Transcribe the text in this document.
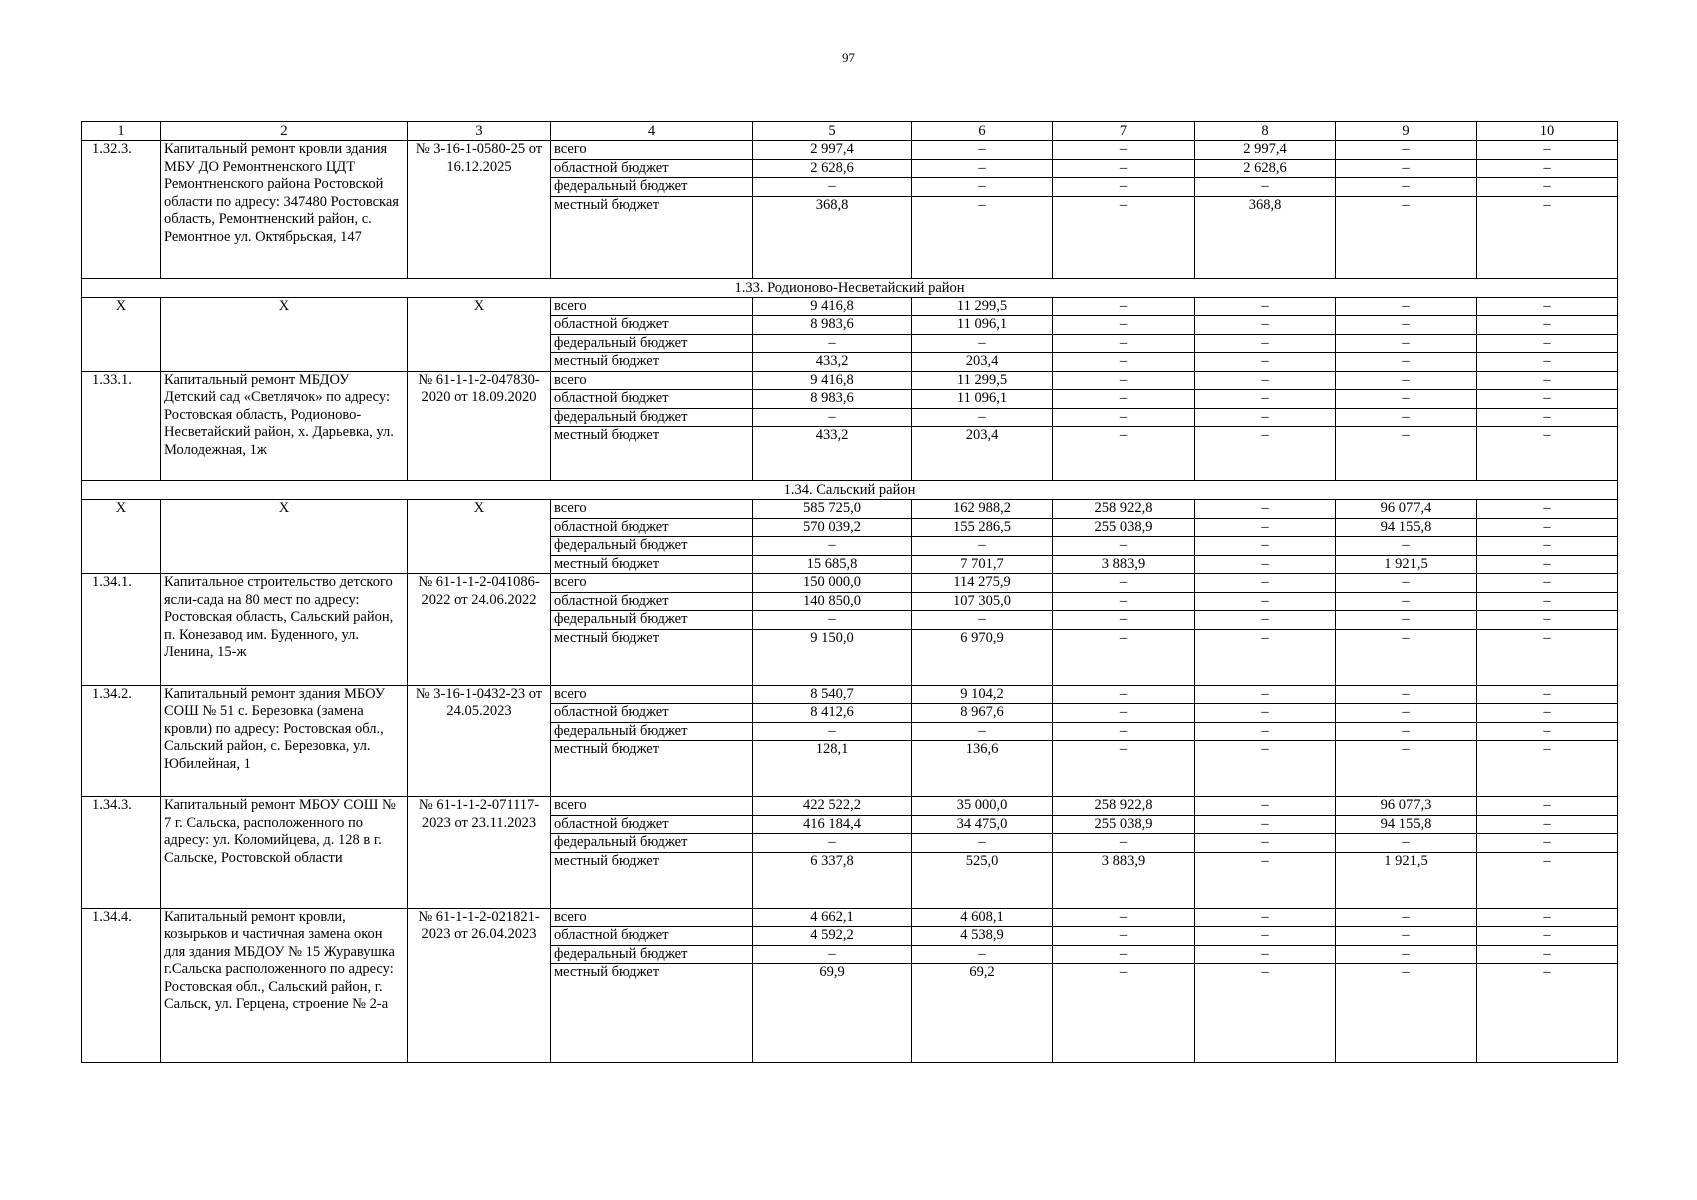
97
1	2	3	4	5	6	7	8	9	10
1.32.3.	Капитальный ремонт кровли здания МБУ ДО Ремонтненского ЦДТ Ремонтненского района Ростовской области по адресу: 347480 Ростовская область, Ремонтненский район, с. Ремонтное ул. Октябрьская, 147	№ 3-16-1-0580-25 от 16.12.2025	всего	2 997,4	–	–	2 997,4	–	–
			областной бюджет	2 628,6	–	–	2 628,6	–	–
			федеральный бюджет	–	–	–	–	–	–
			местный бюджет	368,8	–	–	368,8	–	–
1.33. Родионово-Несветайский район									
X	X	X	всего	9 416,8	11 299,5	–	–	–	–
			областной бюджет	8 983,6	11 096,1	–	–	–	–
			федеральный бюджет	–	–	–	–	–	–
			местный бюджет	433,2	203,4	–	–	–	–
1.33.1.	Капитальный ремонт МБДОУ Детский сад «Светлячок» по адресу: Ростовская область, Родионово-Несветайский район, х. Дарьевка, ул. Молодежная, 1ж	№ 61-1-1-2-047830-2020 от 18.09.2020	всего	9 416,8	11 299,5	–	–	–	–
			областной бюджет	8 983,6	11 096,1	–	–	–	–
			федеральный бюджет	–	–	–	–	–	–
			местный бюджет	433,2	203,4	–	–	–	–
1.34. Сальский район									
X	X	X	всего	585 725,0	162 988,2	258 922,8	–	96 077,4	–
			областной бюджет	570 039,2	155 286,5	255 038,9	–	94 155,8	–
			федеральный бюджет	–	–	–	–	–	–
			местный бюджет	15 685,8	7 701,7	3 883,9	–	1 921,5	–
1.34.1.	Капитальное строительство детского ясли-сада на 80 мест по адресу: Ростовская область, Сальский район, п. Конезавод им. Буденного, ул. Ленина, 15-ж	№ 61-1-1-2-041086-2022 от 24.06.2022	всего	150 000,0	114 275,9	–	–	–	–
			областной бюджет	140 850,0	107 305,0	–	–	–	–
			федеральный бюджет	–	–	–	–	–	–
			местный бюджет	9 150,0	6 970,9	–	–	–	–
1.34.2.	Капитальный ремонт здания МБОУ СОШ № 51 с. Березовка (замена кровли) по адресу: Ростовская обл., Сальский район, с. Березовка, ул. Юбилейная, 1	№ 3-16-1-0432-23 от 24.05.2023	всего	8 540,7	9 104,2	–	–	–	–
			областной бюджет	8 412,6	8 967,6	–	–	–	–
			федеральный бюджет	–	–	–	–	–	–
			местный бюджет	128,1	136,6	–	–	–	–
1.34.3.	Капитальный ремонт МБОУ СОШ № 7 г. Сальска, расположенного по адресу: ул. Коломийцева, д. 128 в г. Сальске, Ростовской области	№ 61-1-1-2-071117-2023 от 23.11.2023	всего	422 522,2	35 000,0	258 922,8	–	96 077,3	–
			областной бюджет	416 184,4	34 475,0	255 038,9	–	94 155,8	–
			федеральный бюджет	–	–	–	–	–	–
			местный бюджет	6 337,8	525,0	3 883,9	–	1 921,5	–
1.34.4.	Капитальный ремонт кровли, козырьков и частичная замена окон для здания МБДОУ № 15 Журавушка г.Сальска расположенного по адресу: Ростовская обл., Сальский район, г. Сальск, ул. Герцена, строение № 2-а	№ 61-1-1-2-021821-2023 от 26.04.2023	всего	4 662,1	4 608,1	–	–	–	–
			областной бюджет	4 592,2	4 538,9	–	–	–	–
			федеральный бюджет	–	–	–	–	–	–
			местный бюджет	69,9	69,2	–	–	–	–
